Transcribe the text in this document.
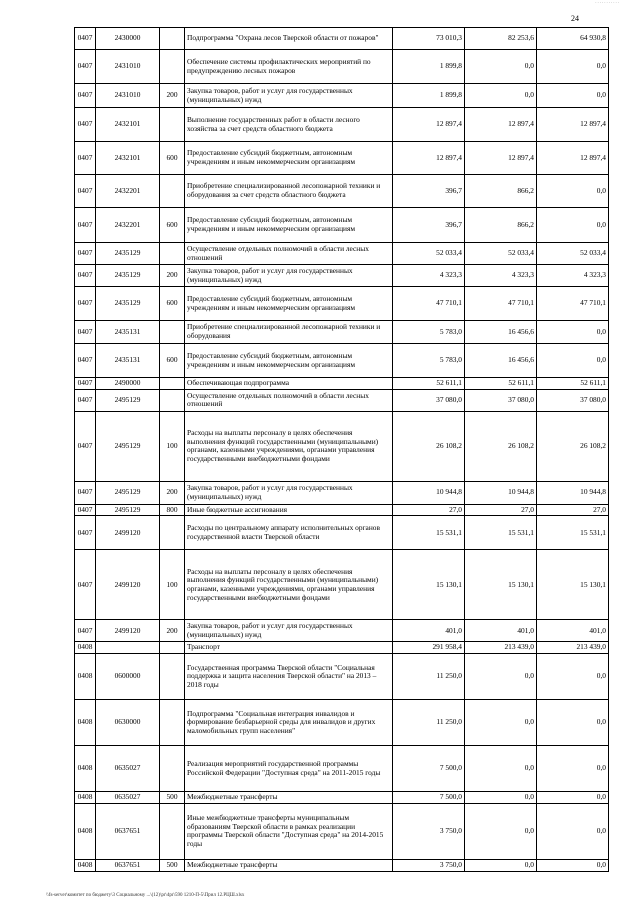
...........
24
0407	2430000		Подпрограмма "Охрана лесов Тверской области от пожаров"	73 010,3	82 253,6	64 930,8
0407	2431010		Обеспечение системы профилактических мероприятий по предупреждению лесных пожаров	1 899,8	0,0	0,0
0407	2431010	200	Закупка товаров, работ и услуг для государственных (муниципальных) нужд	1 899,8	0,0	0,0
0407	2432101		Выполнение государственных работ в области лесного хозяйства за счет средств областного бюджета	12 897,4	12 897,4	12 897,4
0407	2432101	600	Предоставление субсидий бюджетным, автономным учреждениям и иным некоммерческим организациям	12 897,4	12 897,4	12 897,4
0407	2432201		Приобретение специализированной лесопожарной техники и оборудования за счет средств областного бюджета	396,7	866,2	0,0
0407	2432201	600	Предоставление субсидий бюджетным, автономным учреждениям и иным некоммерческим организациям	396,7	866,2	0,0
0407	2435129		Осуществление отдельных полномочий в области лесных отношений	52 033,4	52 033,4	52 033,4
0407	2435129	200	Закупка товаров, работ и услуг для государственных (муниципальных) нужд	4 323,3	4 323,3	4 323,3
0407	2435129	600	Предоставление субсидий бюджетным, автономным учреждениям и иным некоммерческим организациям	47 710,1	47 710,1	47 710,1
0407	2435131		Приобретение специализированной лесопожарной техники и оборудования	5 783,0	16 456,6	0,0
0407	2435131	600	Предоставление субсидий бюджетным, автономным учреждениям и иным некоммерческим организациям	5 783,0	16 456,6	0,0
0407	2490000		Обеспечивающая подпрограмма	52 611,1	52 611,1	52 611,1
0407	2495129		Осуществление отдельных полномочий в области лесных отношений	37 080,0	37 080,0	37 080,0
0407	2495129	100	Расходы на выплаты персоналу в целях обеспечения выполнения функций государственными (муниципальными) органами, казенными учреждениями, органами управления государственными внебюджетными фондами	26 108,2	26 108,2	26 108,2
0407	2495129	200	Закупка товаров, работ и услуг для государственных (муниципальных) нужд	10 944,8	10 944,8	10 944,8
0407	2495129	800	Иные бюджетные ассигнования	27,0	27,0	27,0
0407	2499120		Расходы по центральному аппарату исполнительных органов государственной власти Тверской области	15 531,1	15 531,1	15 531,1
0407	2499120	100	Расходы на выплаты персоналу в целях обеспечения выполнения функций государственными (муниципальными) органами, казенными учреждениями, органами управления государственными внебюджетными фондами	15 130,1	15 130,1	15 130,1
0407	2499120	200	Закупка товаров, работ и услуг для государственных (муниципальных) нужд	401,0	401,0	401,0
0408			Транспорт	291 958,4	213 439,0	213 439,0
0408	0600000		Государственная программа Тверской области "Социальная поддержка и защита населения Тверской области" на 2013 – 2018 годы	11 250,0	0,0	0,0
0408	0630000		Подпрограмма "Социальная интеграция инвалидов и формирование безбарьерной среды для инвалидов и других маломобильных групп населения"	11 250,0	0,0	0,0
0408	0635027		Реализация мероприятий государственной программы Российской Федерации "Доступная среда" на 2011-2015 годы	7 500,0	0,0	0,0
0408	0635027	500	Межбюджетные трансферты	7 500,0	0,0	0,0
0408	0637651		Иные межбюджетные трансферты муниципальным образованиям Тверской области в рамках реализации программы Тверской области "Доступная среда" на 2014-2015 годы	3 750,0	0,0	0,0
0408	0637651	500	Межбюджетные трансферты	3 750,0	0,0	0,0
\\fs-server\комитет по бюджету\3 Социальному ...\(12)\pr\4pr\590 1210-П-5\Прил 12.РЦШ.xlsx
